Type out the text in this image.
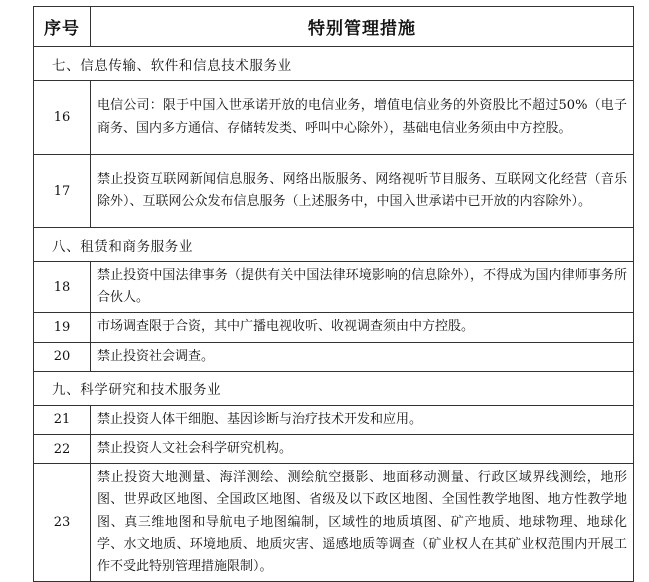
序号	特别管理措施
七、信息传输、软件和信息技术服务业	
16	电信公司：限于中国入世承诺开放的电信业务，增值电信业务的外资股比不超过50%（电子商务、国内多方通信、存储转发类、呼叫中心除外），基础电信业务须由中方控股。
17	禁止投资互联网新闻信息服务、网络出版服务、网络视听节目服务、互联网文化经营（音乐除外）、互联网公众发布信息服务（上述服务中，中国入世承诺中已开放的内容除外）。
八、租赁和商务服务业	
18	禁止投资中国法律事务（提供有关中国法律环境影响的信息除外），不得成为国内律师事务所合伙人。
19	市场调查限于合资，其中广播电视收听、收视调查须由中方控股。
20	禁止投资社会调查。
九、科学研究和技术服务业	
21	禁止投资人体干细胞、基因诊断与治疗技术开发和应用。
22	禁止投资人文社会科学研究机构。
23	禁止投资大地测量、海洋测绘、测绘航空摄影、地面移动测量、行政区域界线测绘，地形图、世界政区地图、全国政区地图、省级及以下政区地图、全国性教学地图、地方性教学地图、真三维地图和导航电子地图编制，区域性的地质填图、矿产地质、地球物理、地球化学、水文地质、环境地质、地质灾害、遥感地质等调查（矿业权人在其矿业权范围内开展工作不受此特别管理措施限制）。
